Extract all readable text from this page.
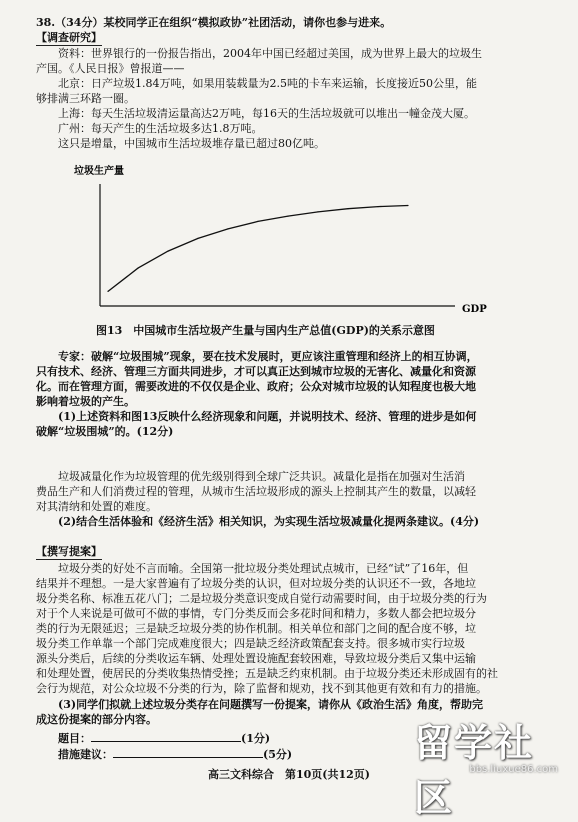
38.（34分）某校同学正在组织“模拟政协”社团活动，请你也参与进来。
【调查研究】
资料：世界银行的一份报告指出，2004年中国已经超过美国，成为世界上最大的垃圾生
产国。《人民日报》曾报道——
北京：日产垃圾1.84万吨，如果用装载量为2.5吨的卡车来运输，长度接近50公里，能
够排满三环路一圈。
上海：每天生活垃圾清运量高达2万吨，每16天的生活垃圾就可以堆出一幢金茂大厦。
广州：每天产生的生活垃圾多达1.8万吨。
这只是增量，中国城市生活垃圾堆存量已超过80亿吨。
垃圾生产量
GDP
图13　中国城市生活垃圾产生量与国内生产总值(GDP)的关系示意图
专家：破解“垃圾围城”现象，要在技术发展时，更应该注重管理和经济上的相互协调，
只有技术、经济、管理三方面共同进步，才可以真正达到城市垃圾的无害化、减量化和资源
化。而在管理方面，需要改进的不仅仅是企业、政府；公众对城市垃圾的认知程度也极大地
影响着垃圾的产生。
(1)上述资料和图13反映什么经济现象和问题，并说明技术、经济、管理的进步是如何
破解“垃圾围城”的。(12分)
垃圾减量化作为垃圾管理的优先级别得到全球广泛共识。减量化是指在加强对生活消
费品生产和人们消费过程的管理，从城市生活垃圾形成的源头上控制其产生的数量，以减轻
对其清纳和处置的难度。
(2)结合生活体验和《经济生活》相关知识，为实现生活垃圾减量化提两条建议。(4分)
【撰写提案】
垃圾分类的好处不言而喻。全国第一批垃圾分类处理试点城市，已经“试”了16年，但
结果并不理想。一是大家普遍有了垃圾分类的认识，但对垃圾分类的认识还不一致，各地垃
圾分类名称、标准五花八门；二是垃圾分类意识变成自觉行动需要时间，由于垃圾分类的行为
对于个人来说是可做可不做的事情，专门分类反而会多花时间和精力，多数人都会把垃圾分
类的行为无限延迟；三是缺乏垃圾分类的协作机制。相关单位和部门之间的配合度不够，垃
圾分类工作单靠一个部门完成难度很大；四是缺乏经济政策配套支持。很多城市实行垃圾
源头分类后，后续的分类收运车辆、处理处置设施配套较困难，导致垃圾分类后又集中运输
和处理处置，使居民的分类收集热情受挫；五是缺乏约束机制。由于垃圾分类还未形成固有的社
会行为规范，对公众垃圾不分类的行为，除了监督和规劝，找不到其他更有效和有力的措施。
(3)同学们拟就上述垃圾分类存在问题撰写一份提案，请你从《政治生活》角度，帮助完
成这份提案的部分内容。
题目：	(1分)
措施建议：	(5分)
高三文科综合　第10页(共12页)
留学社区
bbs.liuxue86.com
